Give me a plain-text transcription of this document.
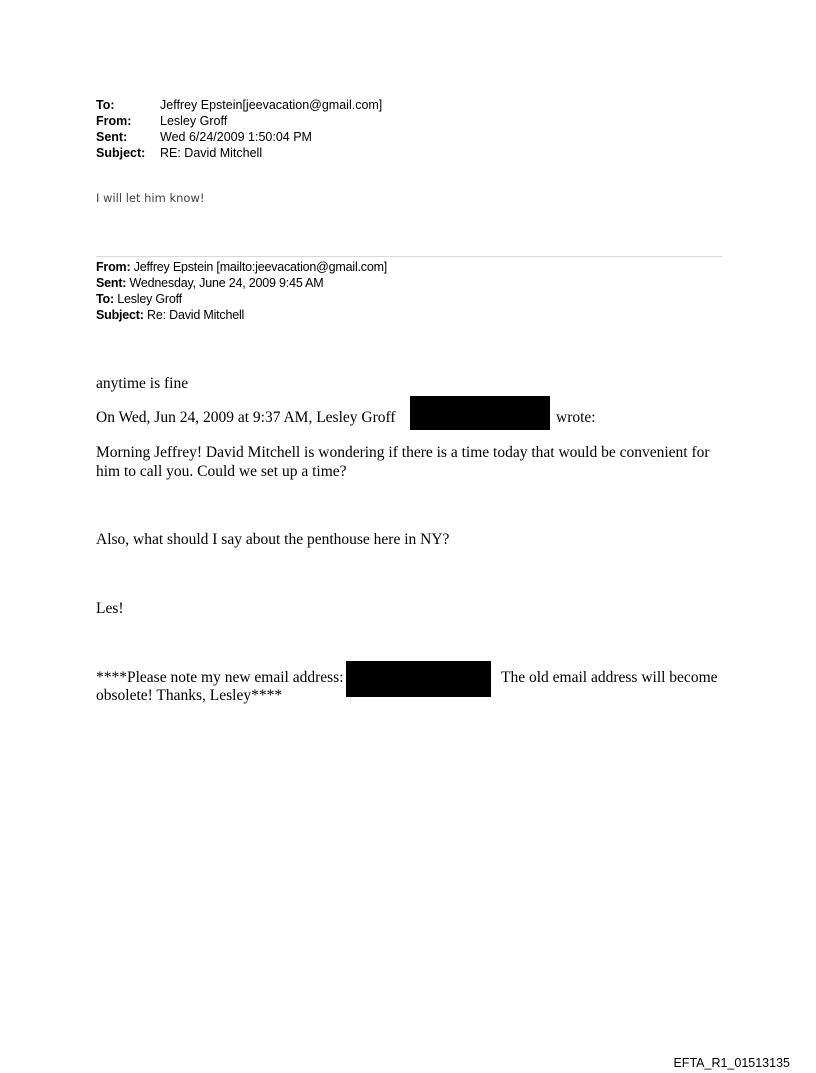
To:	Jeffrey Epstein[jeevacation@gmail.com]
From:	Lesley Groff
Sent:	Wed 6/24/2009 1:50:04 PM
Subject:	RE: David Mitchell
I will let him know!
From: Jeffrey Epstein [mailto:jeevacation@gmail.com]
Sent: Wednesday, June 24, 2009 9:45 AM
To: Lesley Groff
Subject: Re: David Mitchell
anytime is fine
On Wed, Jun 24, 2009 at 9:37 AM, Lesley Groff	wrote:
Morning Jeffrey! David Mitchell is wondering if there is a time today that would be convenient for him to call you. Could we set up a time?
Also, what should I say about the penthouse here in NY?
Les!
****Please note my new email address:	The old email address will become
obsolete! Thanks, Lesley****
EFTA_R1_01513135
